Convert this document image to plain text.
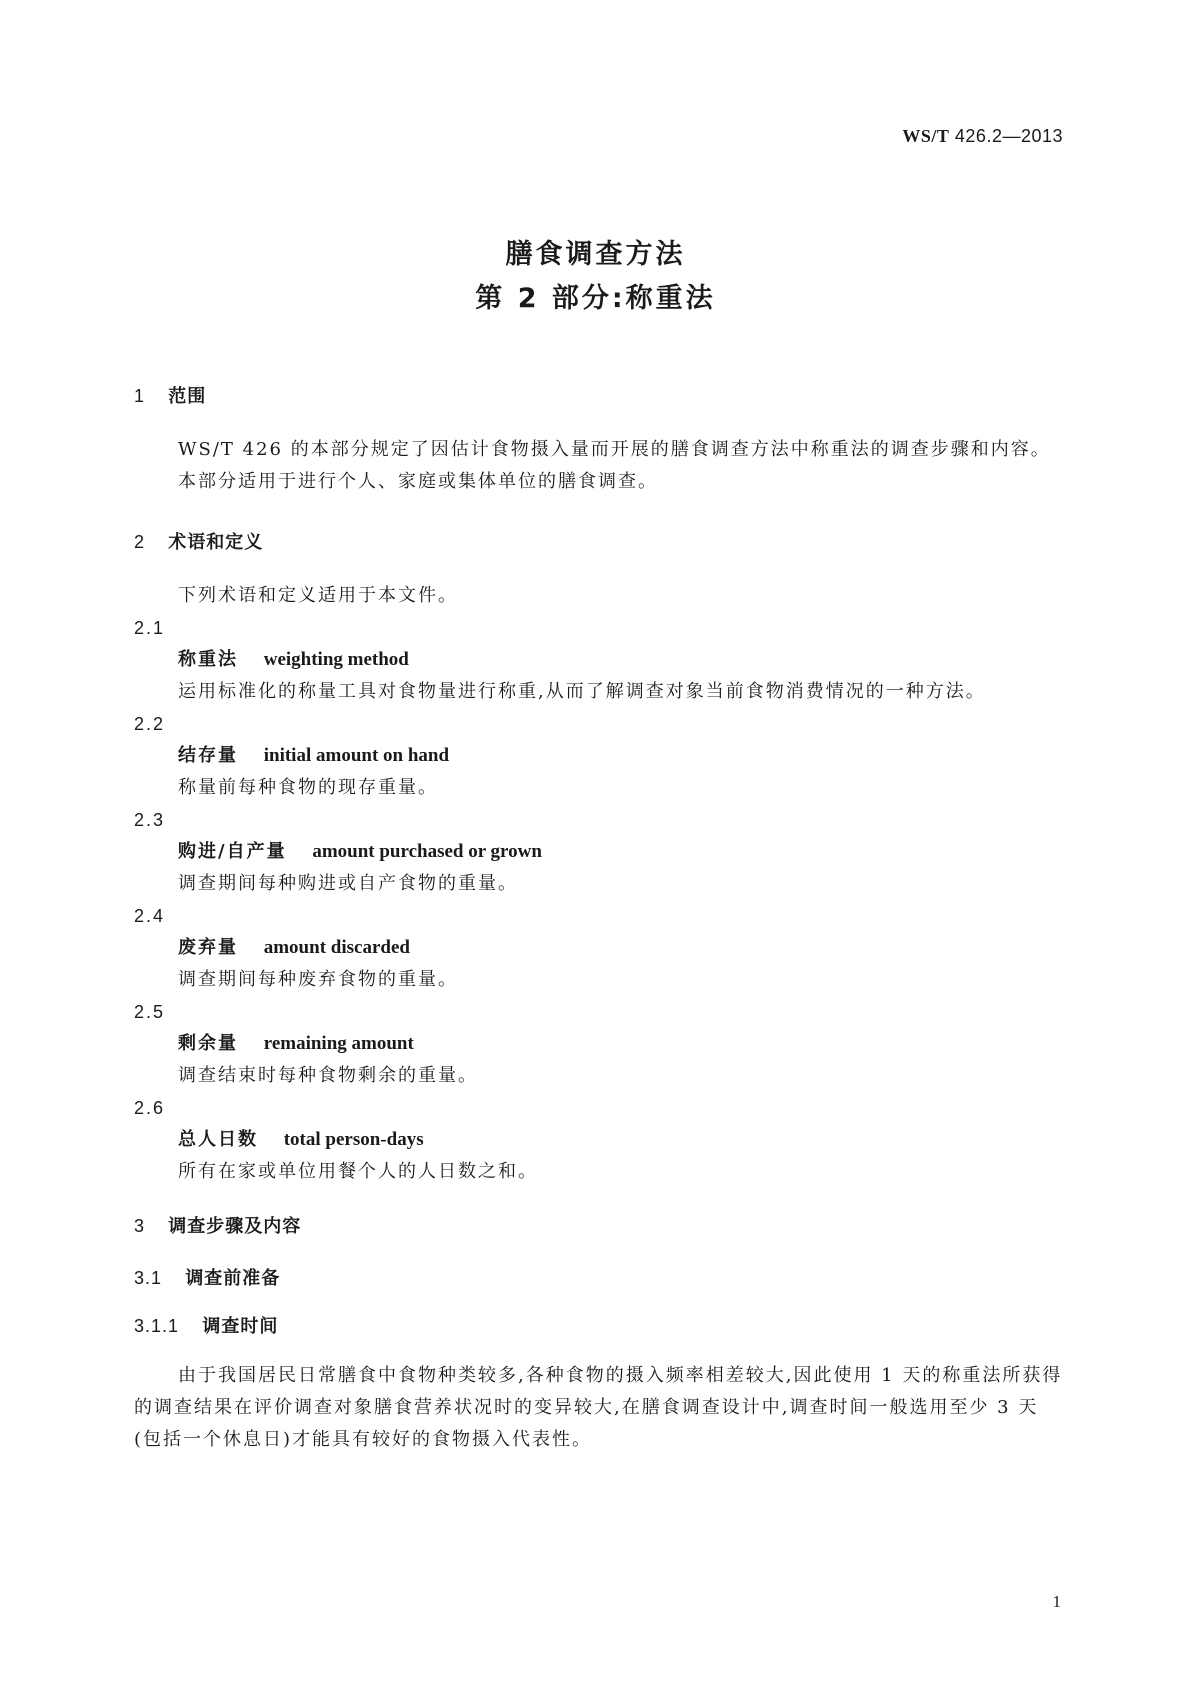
WS/T 426.2—2013
膳食调查方法
第 2 部分:称重法
1 范围
WS/T 426 的本部分规定了因估计食物摄入量而开展的膳食调查方法中称重法的调查步骤和内容。
本部分适用于进行个人、家庭或集体单位的膳食调查。
2 术语和定义
下列术语和定义适用于本文件。
2.1
称重法 weighting method
运用标准化的称量工具对食物量进行称重,从而了解调查对象当前食物消费情况的一种方法。
2.2
结存量 initial amount on hand
称量前每种食物的现存重量。
2.3
购进/自产量 amount purchased or grown
调查期间每种购进或自产食物的重量。
2.4
废弃量 amount discarded
调查期间每种废弃食物的重量。
2.5
剩余量 remaining amount
调查结束时每种食物剩余的重量。
2.6
总人日数 total person-days
所有在家或单位用餐个人的人日数之和。
3 调查步骤及内容
3.1 调查前准备
3.1.1 调查时间
由于我国居民日常膳食中食物种类较多,各种食物的摄入频率相差较大,因此使用 1 天的称重法所获得的调查结果在评价调查对象膳食营养状况时的变异较大,在膳食调查设计中,调查时间一般选用至少 3 天(包括一个休息日)才能具有较好的食物摄入代表性。
1
